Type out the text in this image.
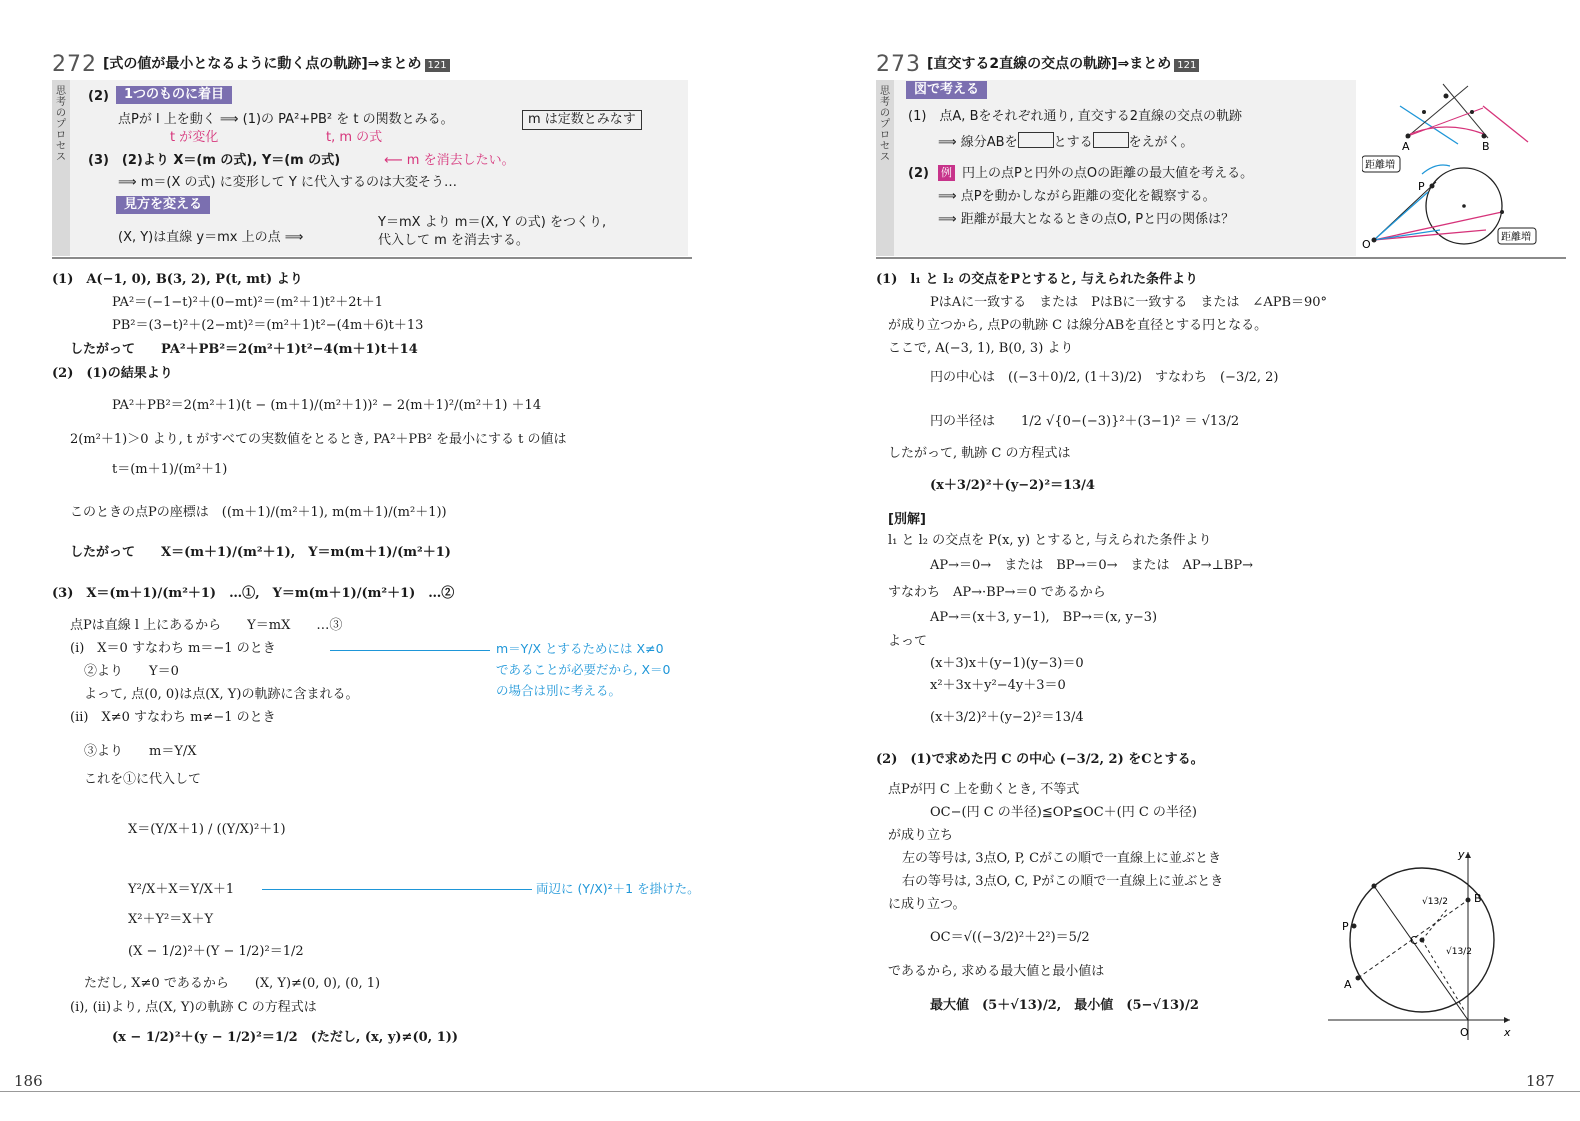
272 [式の値が最小となるように動く点の軌跡]⇒まとめ 121
思考のプロセス
(2)	1つのものに着目
点Pが l 上を動く ⟹ (1)の PA²+PB² を t の関数とみる。	m は定数とみなす
t が変化	t, m の式
(3)　(2)より X＝(m の式), Y＝(m の式)	⟵ m を消去したい。
⟹ m＝(X の式) に変形して Y に代入するのは大変そう…
見方を変える
(X, Y)は直線 y＝mx 上の点 ⟹
Y＝mX より m＝(X, Y の式) をつくり,
代入して m を消去する。
(1)　A(−1, 0), B(3, 2), P(t, mt) より
PA²＝(−1−t)²＋(0−mt)²＝(m²＋1)t²＋2t＋1
PB²＝(3−t)²＋(2−mt)²＝(m²＋1)t²−(4m＋6)t＋13
したがって　　PA²＋PB²＝2(m²＋1)t²−4(m＋1)t＋14
(2)　(1)の結果より
PA²＋PB²＝2(m²＋1)(t − (m＋1)/(m²＋1))² − 2(m＋1)²/(m²＋1) ＋14
2(m²＋1)＞0 より, t がすべての実数値をとるとき, PA²＋PB² を最小にする t の値は
t＝(m＋1)/(m²＋1)
このときの点Pの座標は　((m＋1)/(m²＋1), m(m＋1)/(m²＋1))
したがって　　X＝(m＋1)/(m²＋1),　Y＝m(m＋1)/(m²＋1)
(3)　X＝(m＋1)/(m²＋1)　…①,　Y＝m(m＋1)/(m²＋1)　…②
点Pは直線 l 上にあるから　　Y＝mX　　…③
(i)　X＝0 すなわち m＝−1 のとき
②より　　Y＝0
よって, 点(0, 0)は点(X, Y)の軌跡に含まれる。
(ii)　X≠0 すなわち m≠−1 のとき
③より　　m＝Y/X
これを①に代入して
X＝(Y/X＋1) / ((Y/X)²＋1)
Y²/X＋X＝Y/X＋1
X²＋Y²＝X＋Y
(X − 1/2)²＋(Y − 1/2)²＝1/2
ただし, X≠0 であるから　　(X, Y)≠(0, 0), (0, 1)
(i), (ii)より, 点(X, Y)の軌跡 C の方程式は
(x − 1/2)²＋(y − 1/2)²＝1/2　(ただし, (x, y)≠(0, 1))
m＝Y/X とするためには X≠0
であることが必要だから, X＝0
の場合は別に考える。
両辺に (Y/X)²＋1 を掛けた。
186
273 [直交する2直線の交点の軌跡]⇒まとめ 121
思考のプロセス
図で考える
(1)　点A, Bをそれぞれ通り, 直交する2直線の交点の軌跡
⟹ 線分ABを	とする	をえがく。
(2) 例 円上の点Pと円外の点Oの距離の最大値を考える。
⟹ 点Pを動かしながら距離の変化を観察する。
⟹ 距離が最大となるときの点O, Pと円の関係は？
A	B
距離増
距離増
P
O
(1)　l₁ と l₂ の交点をPとすると, 与えられた条件より
PはAに一致する　または　PはBに一致する　または　∠APB＝90°
が成り立つから, 点Pの軌跡 C は線分ABを直径とする円となる。
ここで, A(−3, 1), B(0, 3) より
円の中心は　((−3＋0)/2, (1＋3)/2)　すなわち　(−3/2, 2)
円の半径は　　1/2 √{0−(−3)}²＋(3−1)² ＝ √13/2
したがって, 軌跡 C の方程式は
(x＋3/2)²＋(y−2)²＝13/4
[別解]
l₁ と l₂ の交点を P(x, y) とすると, 与えられた条件より
AP→＝0→　または　BP→＝0→　または　AP→⊥BP→
すなわち　AP→·BP→＝0 であるから
AP→＝(x＋3, y−1),　BP→＝(x, y−3)
よって
(x＋3)x＋(y−1)(y−3)＝0
x²＋3x＋y²−4y＋3＝0
(x＋3/2)²＋(y−2)²＝13/4
(2)　(1)で求めた円 C の中心 (−3/2, 2) をCとする。
点Pが円 C 上を動くとき, 不等式
OC−(円 C の半径)≦OP≦OC＋(円 C の半径)
が成り立ち
左の等号は, 3点O, P, Cがこの順で一直線上に並ぶとき
右の等号は, 3点O, C, Pがこの順で一直線上に並ぶとき
に成り立つ。
OC＝√((−3/2)²＋2²)＝5/2
であるから, 求める最大値と最小値は
最大値　(5＋√13)/2,　最小値　(5−√13)/2
y
x
O
B
A
P
C
√13/2
√13/2
187
